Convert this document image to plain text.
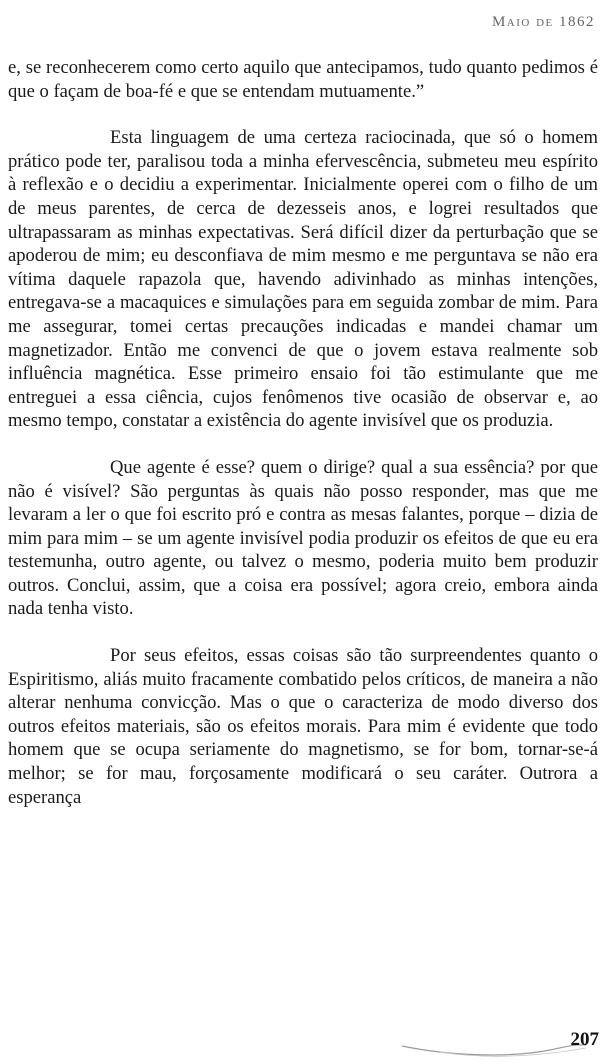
Maio de 1862

e, se reconhecerem como certo aquilo que antecipamos, tudo quanto pedimos é que o façam de boa-fé e que se entendam mutuamente.”

Esta linguagem de uma certeza raciocinada, que só o homem prático pode ter, paralisou toda a minha efervescência, submeteu meu espírito à reflexão e o decidiu a experimentar. Inicialmente operei com o filho de um de meus parentes, de cerca de dezesseis anos, e logrei resultados que ultrapassaram as minhas expectativas. Será difícil dizer da perturbação que se apoderou de mim; eu desconfiava de mim mesmo e me perguntava se não era vítima daquele rapazola que, havendo adivinhado as minhas intenções, entregava-se a macaquices e simulações para em seguida zombar de mim. Para me assegurar, tomei certas precauções indicadas e mandei chamar um magnetizador. Então me convenci de que o jovem estava realmente sob influência magnética. Esse primeiro ensaio foi tão estimulante que me entreguei a essa ciência, cujos fenômenos tive ocasião de observar e, ao mesmo tempo, constatar a existência do agente invisível que os produzia.

Que agente é esse? quem o dirige? qual a sua essência? por que não é visível? São perguntas às quais não posso responder, mas que me levaram a ler o que foi escrito pró e contra as mesas falantes, porque – dizia de mim para mim – se um agente invisível podia produzir os efeitos de que eu era testemunha, outro agente, ou talvez o mesmo, poderia muito bem produzir outros. Conclui, assim, que a coisa era possível; agora creio, embora ainda nada tenha visto.

Por seus efeitos, essas coisas são tão surpreendentes quanto o Espiritismo, aliás muito fracamente combatido pelos críticos, de maneira a não alterar nenhuma convicção. Mas o que o caracteriza de modo diverso dos outros efeitos materiais, são os efeitos morais. Para mim é evidente que todo homem que se ocupa seriamente do magnetismo, se for bom, tornar-se-á melhor; se for mau, forçosamente modificará o seu caráter. Outrora a esperança

207
